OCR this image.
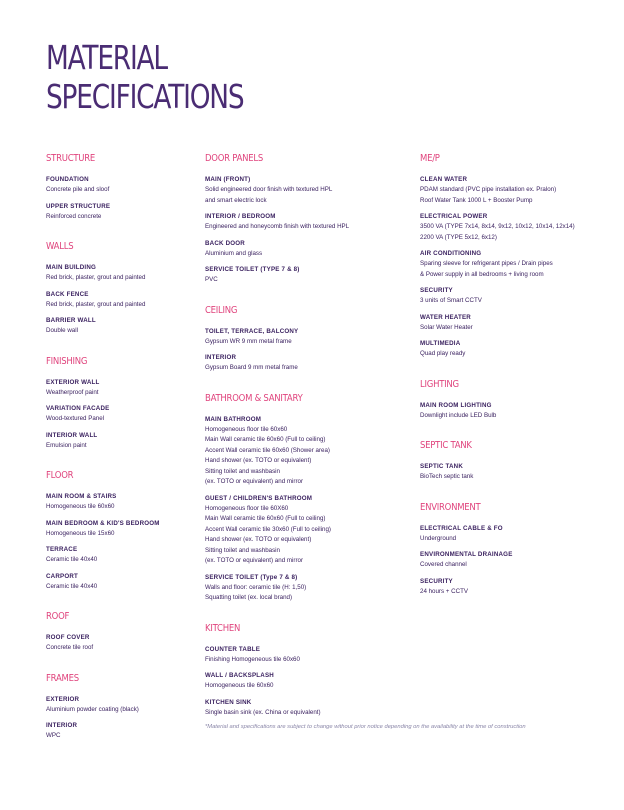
MATERIAL
SPECIFICATIONS
STRUCTURE
FOUNDATION
Concrete pile and sloof
UPPER STRUCTURE
Reinforced concrete
WALLS
MAIN BUILDING
Red brick, plaster, grout and painted
BACK FENCE
Red brick, plaster, grout and painted
BARRIER WALL
Double wall
FINISHING
EXTERIOR WALL
Weatherproof paint
VARIATION FACADE
Wood-textured Panel
INTERIOR WALL
Emulsion paint
FLOOR
MAIN ROOM & STAIRS
Homogeneous tile 60x60
MAIN BEDROOM & KID'S BEDROOM
Homogeneous tile 15x60
TERRACE
Ceramic tile 40x40
CARPORT
Ceramic tile 40x40
ROOF
ROOF COVER
Concrete tile roof
FRAMES
EXTERIOR
Aluminium powder coating (black)
INTERIOR
WPC
DOOR PANELS
MAIN (FRONT)
Solid engineered door finish with textured HPL
and smart electric lock
INTERIOR / BEDROOM
Engineered and honeycomb finish with textured HPL
BACK DOOR
Aluminium and glass
SERVICE TOILET (TYPE 7 & 8)
PVC
CEILING
TOILET, TERRACE, BALCONY
Gypsum WR 9 mm metal frame
INTERIOR
Gypsum Board 9 mm metal frame
BATHROOM & SANITARY
MAIN BATHROOM
Homogeneous floor tile 60x60
Main Wall ceramic tile 60x60 (Full to ceiling)
Accent Wall ceramic tile 60x60 (Shower area)
Hand shower (ex. TOTO or equivalent)
Sitting toilet and washbasin
(ex. TOTO or equivalent) and mirror
GUEST / CHILDREN'S BATHROOM
Homogeneous floor tile 60X60
Main Wall ceramic tile 60x60 (Full to ceiling)
Accent Wall ceramic tile 30x60 (Full to ceiling)
Hand shower (ex. TOTO or equivalent)
Sitting toilet and washbasin
(ex. TOTO or equivalent) and mirror
SERVICE TOILET (Type 7 & 8)
Walls and floor: ceramic tile (H: 1,50)
Squatting toilet (ex. local brand)
KITCHEN
COUNTER TABLE
Finishing Homogeneous tile 60x60
WALL / BACKSPLASH
Homogeneous tile 60x60
KITCHEN SINK
Single basin sink (ex. China or equivalent)
ME/P
CLEAN WATER
PDAM standard (PVC pipe installation ex. Pralon)
Roof Water Tank 1000 L + Booster Pump
ELECTRICAL POWER
3500 VA (TYPE 7x14, 8x14, 9x12, 10x12, 10x14, 12x14)
2200 VA (TYPE 5x12, 6x12)
AIR CONDITIONING
Sparing sleeve for refrigerant pipes / Drain pipes
& Power supply in all bedrooms + living room
SECURITY
3 units of Smart CCTV
WATER HEATER
Solar Water Heater
MULTIMEDIA
Quad play ready
LIGHTING
MAIN ROOM LIGHTING
Downlight include LED Bulb
SEPTIC TANK
SEPTIC TANK
BioTech septic tank
ENVIRONMENT
ELECTRICAL CABLE & FO
Underground
ENVIRONMENTAL DRAINAGE
Covered channel
SECURITY
24 hours + CCTV
*Material and specifications are subject to change without prior notice depending on the availability at the time of construction
